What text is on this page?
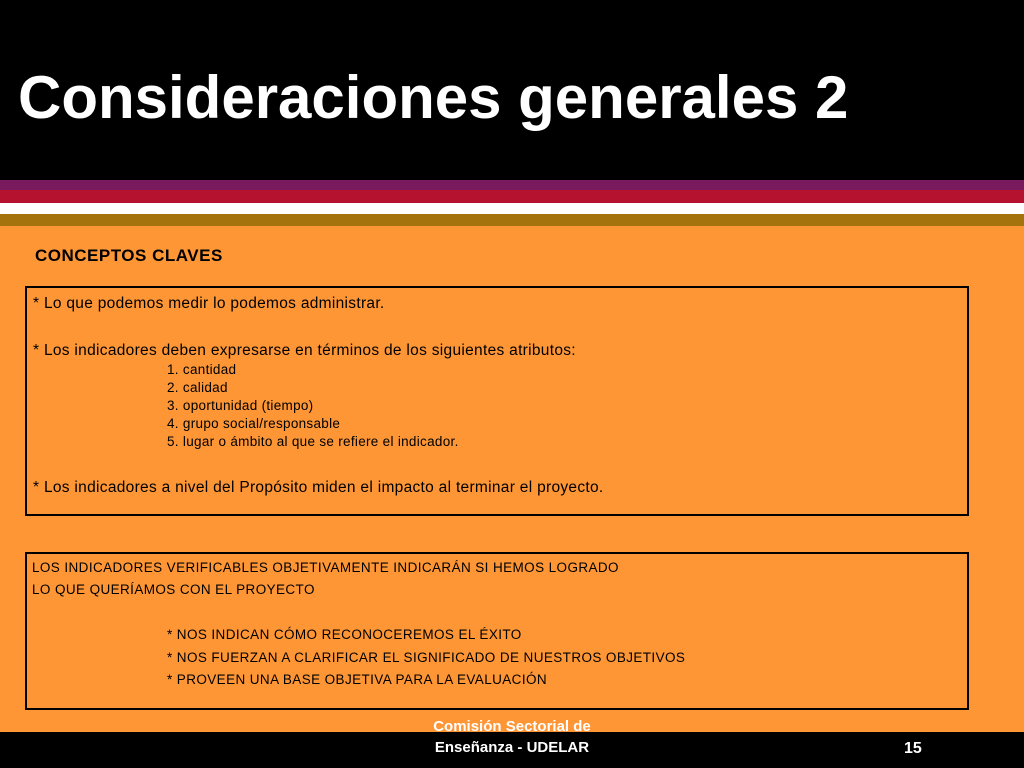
Consideraciones generales 2
CONCEPTOS CLAVES
* Lo que podemos medir lo podemos administrar.
* Los indicadores deben expresarse en términos de los siguientes atributos:
1. cantidad
2. calidad
3. oportunidad (tiempo)
4. grupo social/responsable
5. lugar o ámbito al que se refiere el indicador.
* Los indicadores a nivel del Propósito miden el impacto al terminar el proyecto.
LOS INDICADORES VERIFICABLES OBJETIVAMENTE INDICARÁN SI HEMOS LOGRADO
LO QUE QUERÍAMOS CON EL PROYECTO
* NOS INDICAN CÓMO RECONOCEREMOS EL ÉXITO
* NOS FUERZAN A CLARIFICAR EL SIGNIFICADO DE NUESTROS OBJETIVOS
* PROVEEN UNA BASE OBJETIVA PARA LA EVALUACIÓN
Comisión Sectorial de
Enseñanza - UDELAR	15
